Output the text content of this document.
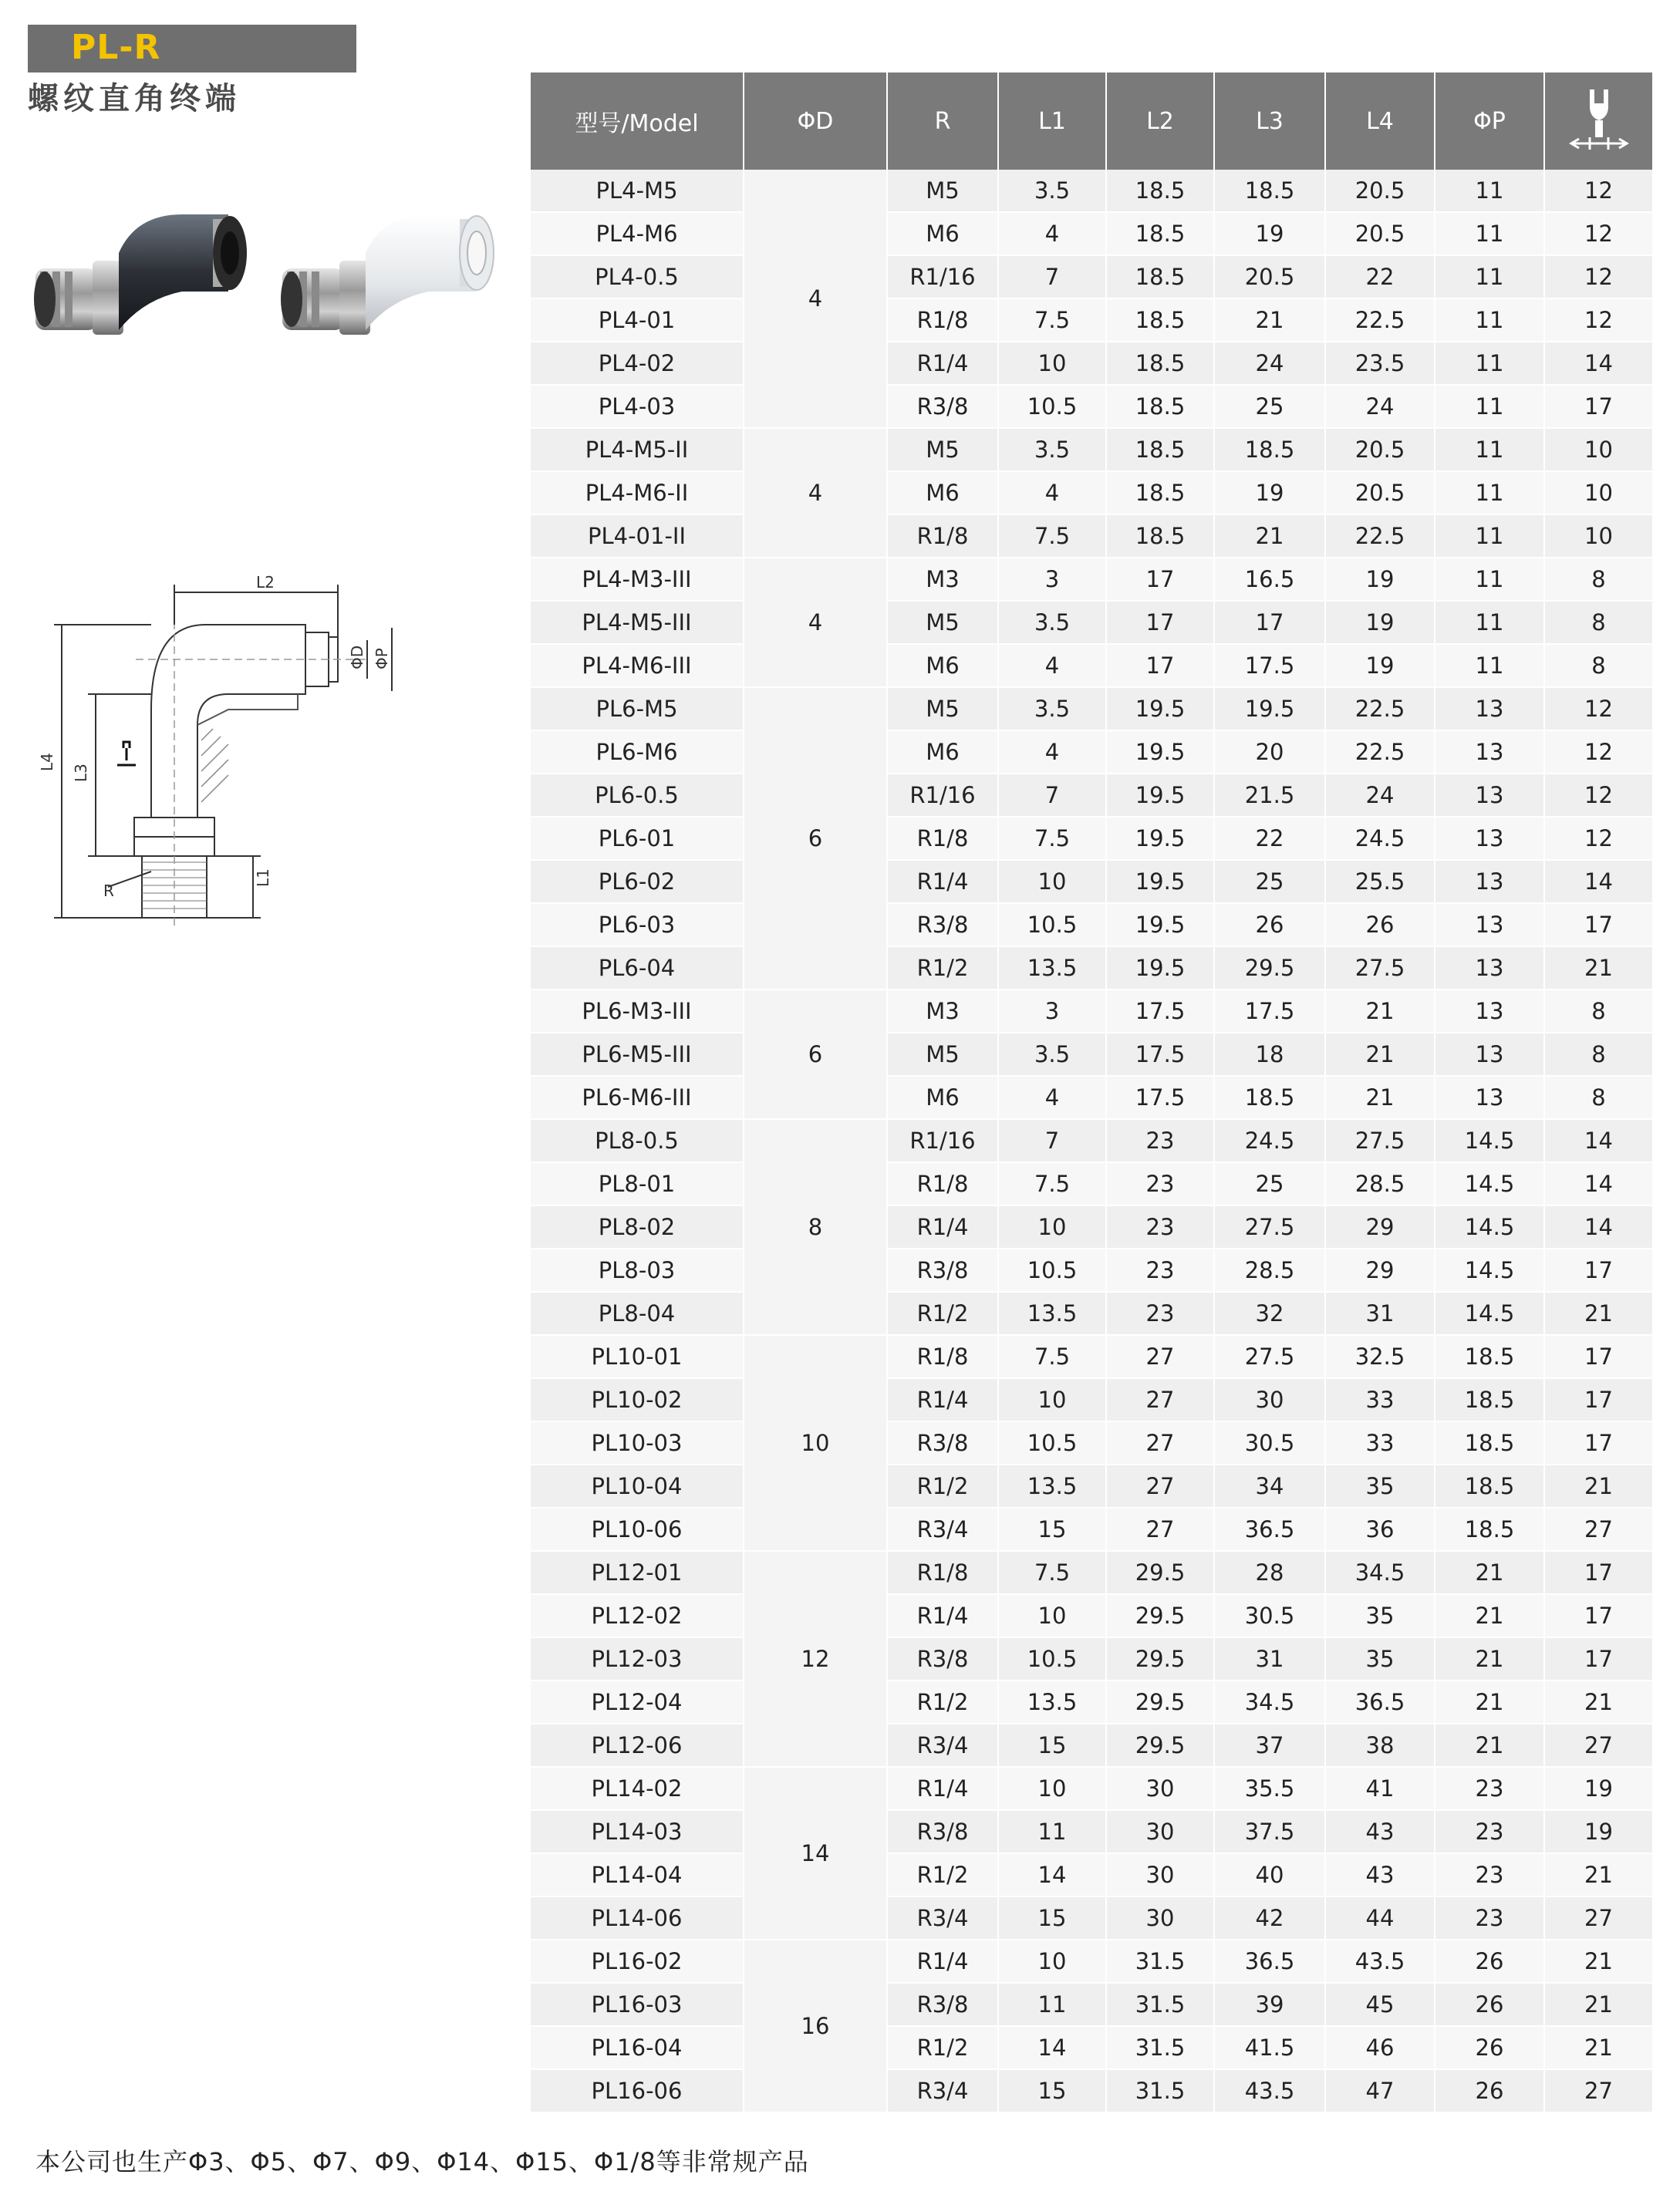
PL-R
螺纹直角终端
L2
L4
L3
L1
R
ΦD ΦP
型号/Model	ΦD	R	L1	L2	L3	L4	ΦP	
PL4-M5	4	M5	3.5	18.5	18.5	20.5	11	12
PL4-M6		M6	4	18.5	19	20.5	11	12
PL4-0.5		R1/16	7	18.5	20.5	22	11	12
PL4-01		R1/8	7.5	18.5	21	22.5	11	12
PL4-02		R1/4	10	18.5	24	23.5	11	14
PL4-03		R3/8	10.5	18.5	25	24	11	17
PL4-M5-II	4	M5	3.5	18.5	18.5	20.5	11	10
PL4-M6-II		M6	4	18.5	19	20.5	11	10
PL4-01-II		R1/8	7.5	18.5	21	22.5	11	10
PL4-M3-III	4	M3	3	17	16.5	19	11	8
PL4-M5-III		M5	3.5	17	17	19	11	8
PL4-M6-III		M6	4	17	17.5	19	11	8
PL6-M5	6	M5	3.5	19.5	19.5	22.5	13	12
PL6-M6		M6	4	19.5	20	22.5	13	12
PL6-0.5		R1/16	7	19.5	21.5	24	13	12
PL6-01		R1/8	7.5	19.5	22	24.5	13	12
PL6-02		R1/4	10	19.5	25	25.5	13	14
PL6-03		R3/8	10.5	19.5	26	26	13	17
PL6-04		R1/2	13.5	19.5	29.5	27.5	13	21
PL6-M3-III	6	M3	3	17.5	17.5	21	13	8
PL6-M5-III		M5	3.5	17.5	18	21	13	8
PL6-M6-III		M6	4	17.5	18.5	21	13	8
PL8-0.5	8	R1/16	7	23	24.5	27.5	14.5	14
PL8-01		R1/8	7.5	23	25	28.5	14.5	14
PL8-02		R1/4	10	23	27.5	29	14.5	14
PL8-03		R3/8	10.5	23	28.5	29	14.5	17
PL8-04		R1/2	13.5	23	32	31	14.5	21
PL10-01	10	R1/8	7.5	27	27.5	32.5	18.5	17
PL10-02		R1/4	10	27	30	33	18.5	17
PL10-03		R3/8	10.5	27	30.5	33	18.5	17
PL10-04		R1/2	13.5	27	34	35	18.5	21
PL10-06		R3/4	15	27	36.5	36	18.5	27
PL12-01	12	R1/8	7.5	29.5	28	34.5	21	17
PL12-02		R1/4	10	29.5	30.5	35	21	17
PL12-03		R3/8	10.5	29.5	31	35	21	17
PL12-04		R1/2	13.5	29.5	34.5	36.5	21	21
PL12-06		R3/4	15	29.5	37	38	21	27
PL14-02	14	R1/4	10	30	35.5	41	23	19
PL14-03		R3/8	11	30	37.5	43	23	19
PL14-04		R1/2	14	30	40	43	23	21
PL14-06		R3/4	15	30	42	44	23	27
PL16-02	16	R1/4	10	31.5	36.5	43.5	26	21
PL16-03		R3/8	11	31.5	39	45	26	21
PL16-04		R1/2	14	31.5	41.5	46	26	21
PL16-06		R3/4	15	31.5	43.5	47	26	27
本公司也生产Φ3、Φ5、Φ7、Φ9、Φ14、Φ15、Φ1/8等非常规产品
